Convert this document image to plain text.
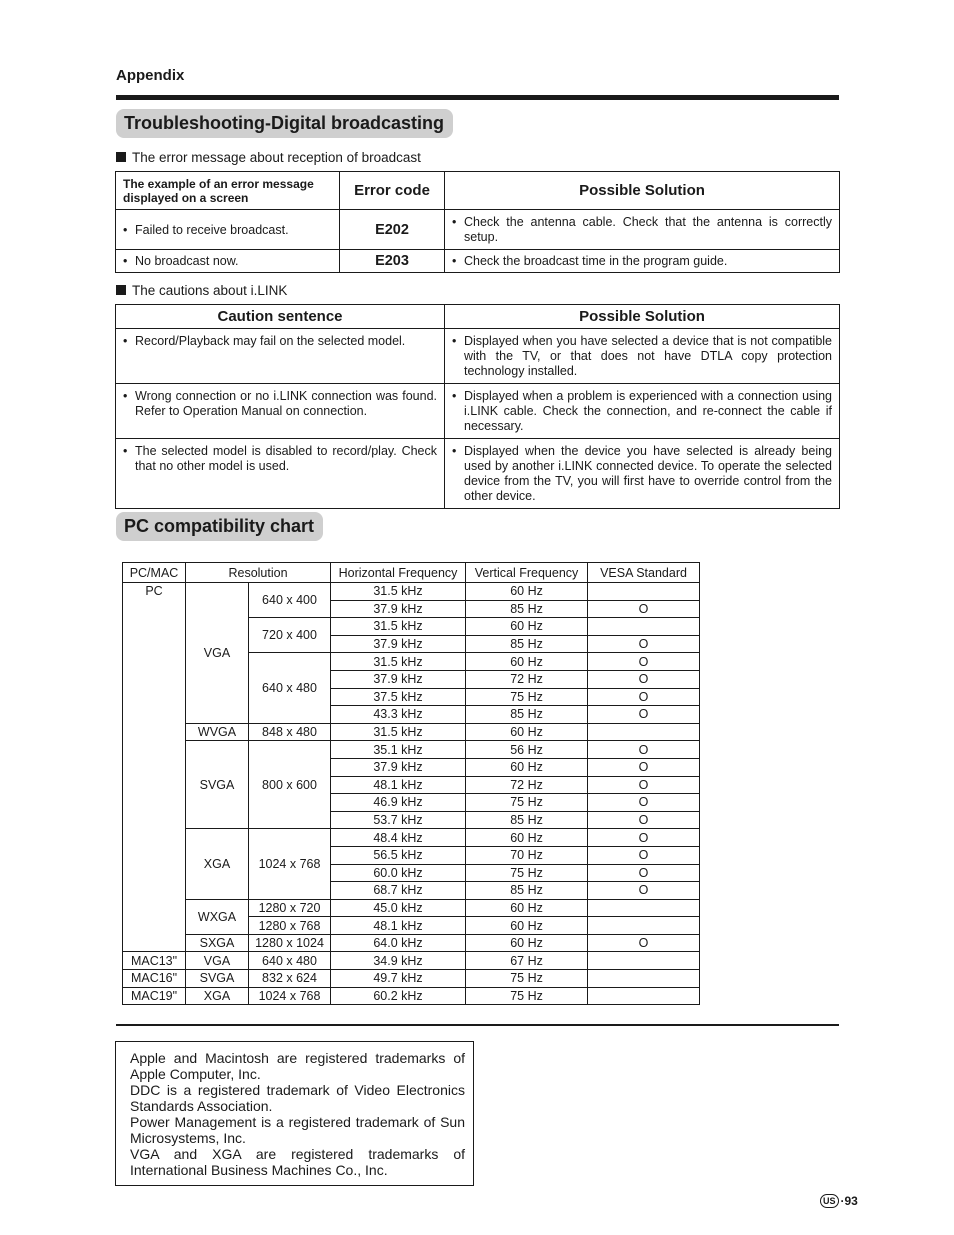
Appendix
Troubleshooting-Digital broadcasting
The error message about reception of broadcast
The example of an error message displayed on a screen	Error code	Possible Solution

• Failed to receive broadcast.	E202	• Check the antenna cable. Check that the antenna is correctly setup.

• No broadcast now.	E203	• Check the broadcast time in the program guide.
The cautions about i.LINK
Caution sentence	Possible Solution

• Record/Playback may fail on the selected model.	• Displayed when you have selected a device that is not compatible with the TV, or that does not have DTLA copy protection technology installed.

• Wrong connection or no i.LINK connection was found. Refer to Operation Manual on connection.	• Displayed when a problem is experienced with a connection using i.LINK cable. Check the connection, and re-connect the cable if necessary.

• The selected model is disabled to record/play. Check that no other model is used.	• Displayed when the device you have selected is already being used by another i.LINK connected device. To operate the selected device from the TV, you will first have to override control from the other device.
PC compatibility chart
PC/MAC	Resolution		Horizontal Frequency	Vertical Frequency	VESA Standard
PC	VGA	640 x 400	31.5 kHz	60 Hz	
			37.9 kHz	85 Hz	O
		720 x 400	31.5 kHz	60 Hz	
			37.9 kHz	85 Hz	O
		640 x 480	31.5 kHz	60 Hz	O
			37.9 kHz	72 Hz	O
			37.5 kHz	75 Hz	O
			43.3 kHz	85 Hz	O
	WVGA	848 x 480	31.5 kHz	60 Hz	
	SVGA	800 x 600	35.1 kHz	56 Hz	O
			37.9 kHz	60 Hz	O
			48.1 kHz	72 Hz	O
			46.9 kHz	75 Hz	O
			53.7 kHz	85 Hz	O
	XGA	1024 x 768	48.4 kHz	60 Hz	O
			56.5 kHz	70 Hz	O
			60.0 kHz	75 Hz	O
			68.7 kHz	85 Hz	O
	WXGA	1280 x 720	45.0 kHz	60 Hz	
		1280 x 768	48.1 kHz	60 Hz	
	SXGA	1280 x 1024	64.0 kHz	60 Hz	O
MAC13"	VGA	640 x 480	34.9 kHz	67 Hz	
MAC16"	SVGA	832 x 624	49.7 kHz	75 Hz	
MAC19"	XGA	1024 x 768	60.2 kHz	75 Hz	
Apple and Macintosh are registered trademarks of Apple Computer, Inc.
DDC is a registered trademark of Video Electronics Standards Association.
Power Management is a registered trademark of Sun Microsystems, Inc.
VGA and XGA are registered trademarks of International Business Machines Co., Inc.
US ·93
